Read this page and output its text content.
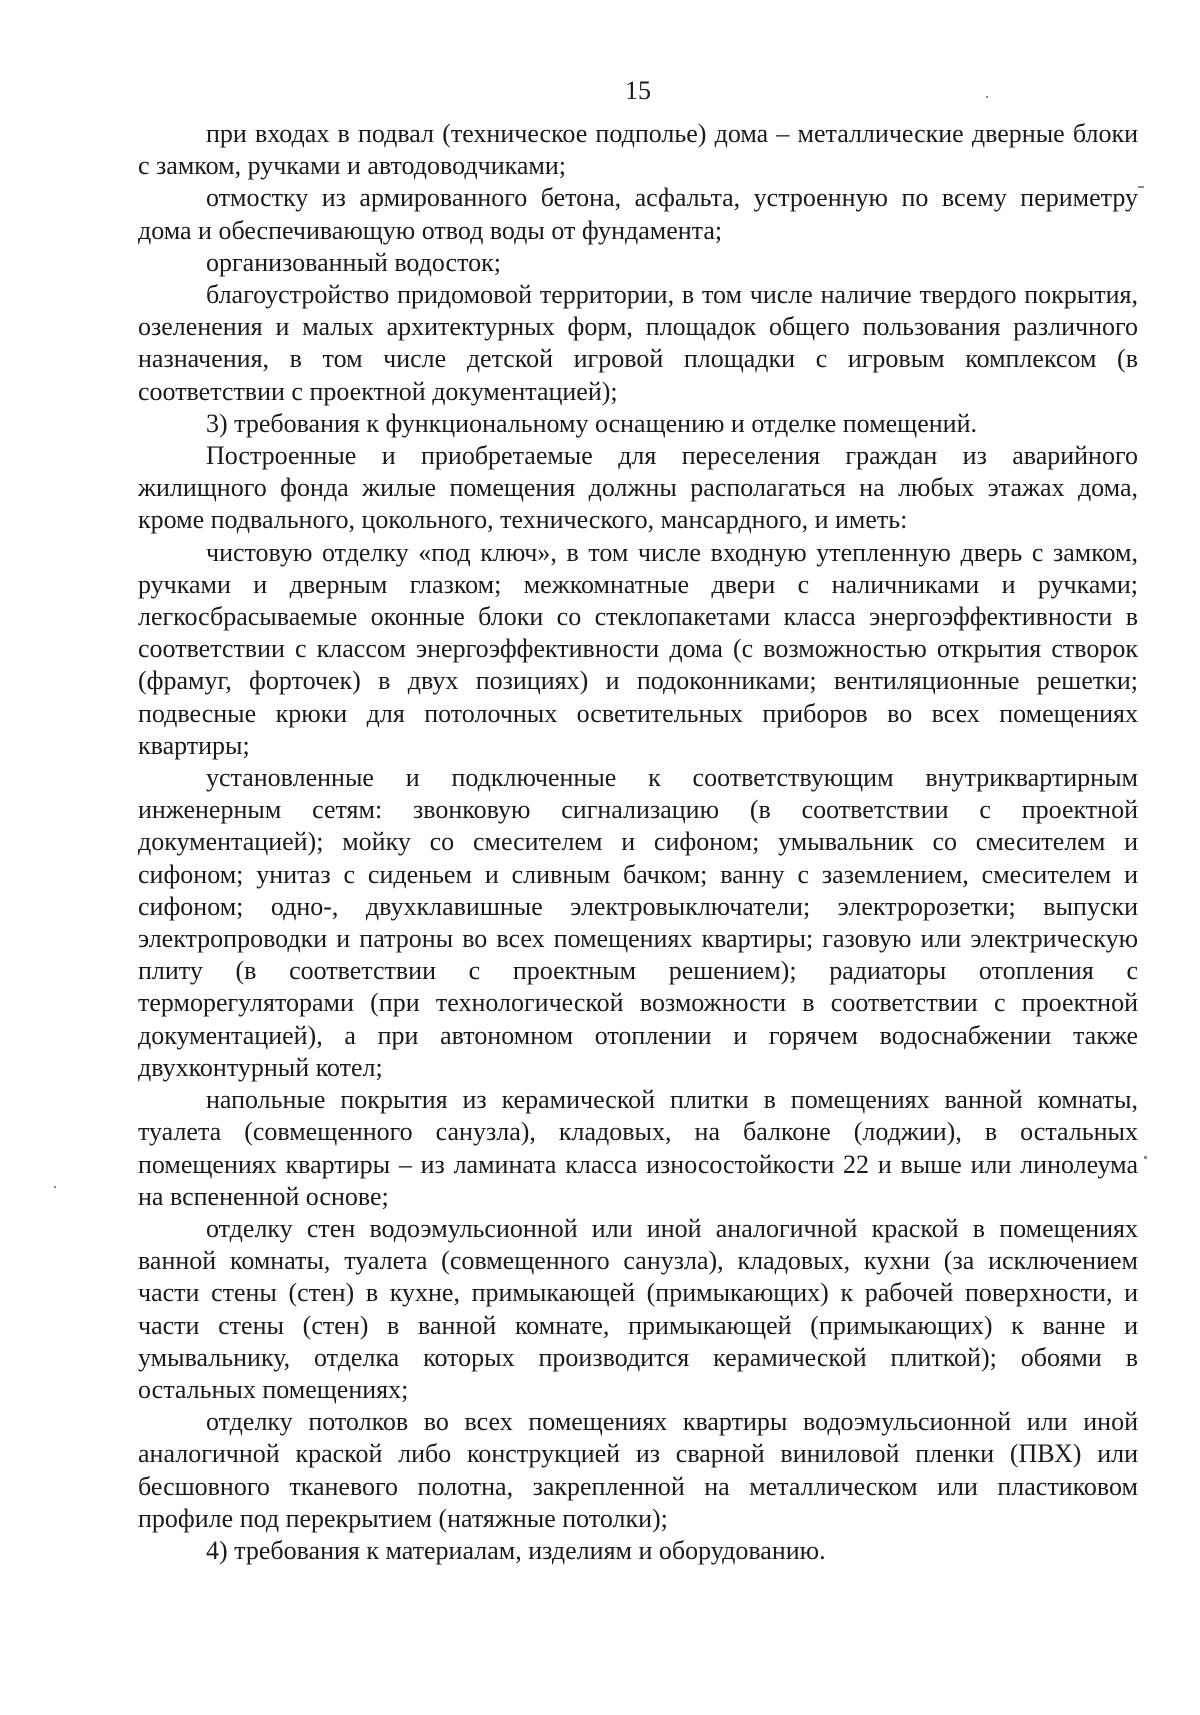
15

при входах в подвал (техническое подполье) дома – металлические дверные блоки с замком, ручками и автодоводчиками;

отмостку из армированного бетона, асфальта, устроенную по всему периметру дома и обеспечивающую отвод воды от фундамента;

организованный водосток;

благоустройство придомовой территории, в том числе наличие твердого покрытия, озеленения и малых архитектурных форм, площадок общего пользования различного назначения, в том числе детской игровой площадки с игровым комплексом (в соответствии с проектной документацией);

3) требования к функциональному оснащению и отделке помещений.

Построенные и приобретаемые для переселения граждан из аварийного жилищного фонда жилые помещения должны располагаться на любых этажах дома, кроме подвального, цокольного, технического, мансардного, и иметь:

чистовую отделку «под ключ», в том числе входную утепленную дверь с замком, ручками и дверным глазком; межкомнатные двери с наличниками и ручками; легкосбрасываемые оконные блоки со стеклопакетами класса энергоэффективности в соответствии с классом энергоэффективности дома (с возможностью открытия створок (фрамуг, форточек) в двух позициях) и подоконниками; вентиляционные решетки; подвесные крюки для потолочных осветительных приборов во всех помещениях квартиры;

установленные и подключенные к соответствующим внутриквартирным инженерным сетям: звонковую сигнализацию (в соответствии с проектной документацией); мойку со смесителем и сифоном; умывальник со смесителем и сифоном; унитаз с сиденьем и сливным бачком; ванну с заземлением, смесителем и сифоном; одно-, двухклавишные электровыключатели; электророзетки; выпуски электропроводки и патроны во всех помещениях квартиры; газовую или электрическую плиту (в соответствии с проектным решением); радиаторы отопления с терморегуляторами (при технологической возможности в соответствии с проектной документацией), а при автономном отоплении и горячем водоснабжении также двухконтурный котел;

напольные покрытия из керамической плитки в помещениях ванной комнаты, туалета (совмещенного санузла), кладовых, на балконе (лоджии), в остальных помещениях квартиры – из ламината класса износостойкости 22 и выше или линолеума на вспененной основе;

отделку стен водоэмульсионной или иной аналогичной краской в помещениях ванной комнаты, туалета (совмещенного санузла), кладовых, кухни (за исключением части стены (стен) в кухне, примыкающей (примыкающих) к рабочей поверхности, и части стены (стен) в ванной комнате, примыкающей (примыкающих) к ванне и умывальнику, отделка которых производится керамической плиткой); обоями в остальных помещениях;

отделку потолков во всех помещениях квартиры водоэмульсионной или иной аналогичной краской либо конструкцией из сварной виниловой пленки (ПВХ) или бесшовного тканевого полотна, закрепленной на металлическом или пластиковом профиле под перекрытием (натяжные потолки);

4) требования к материалам, изделиям и оборудованию.
